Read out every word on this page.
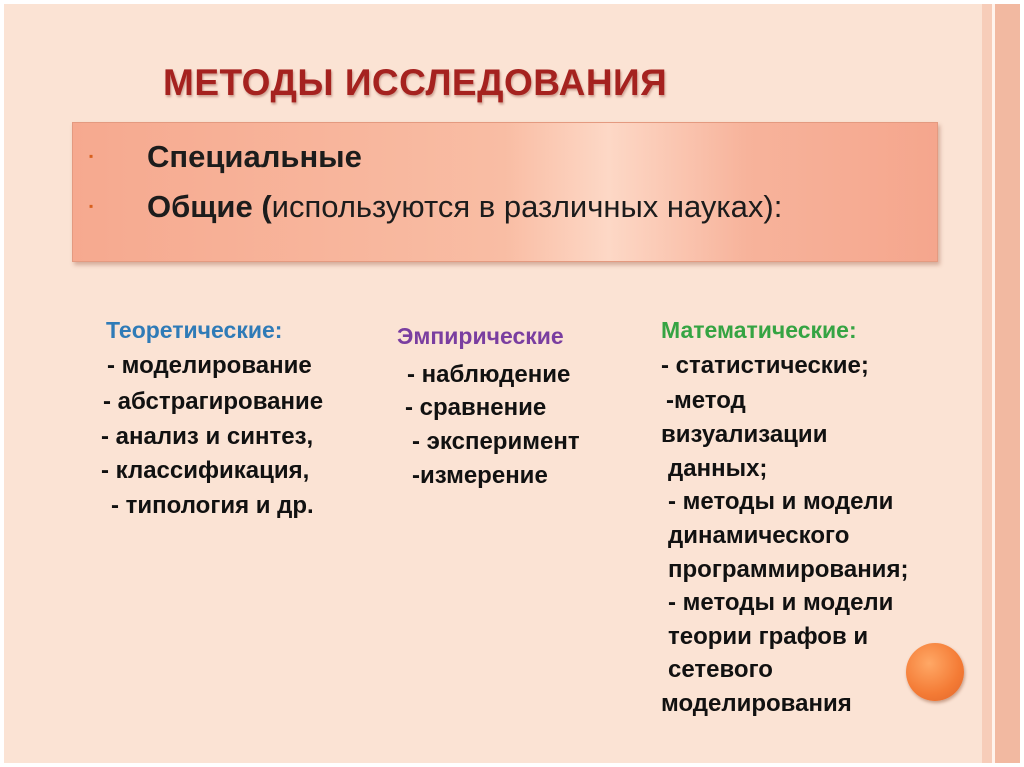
МЕТОДЫ ИССЛЕДОВАНИЯ
▪ Специальные
▪ Общие (используются в различных науках):
Теоретические:
- моделирование
- абстрагирование
- анализ и синтез,
- классификация,
- типология и др.
Эмпирические
- наблюдение
- сравнение
- эксперимент
-измерение
Математические:
- статистические;
-метод
визуализации
данных;
- методы и модели
динамического
программирования;
- методы и модели
теории графов и
сетевого
моделирования
